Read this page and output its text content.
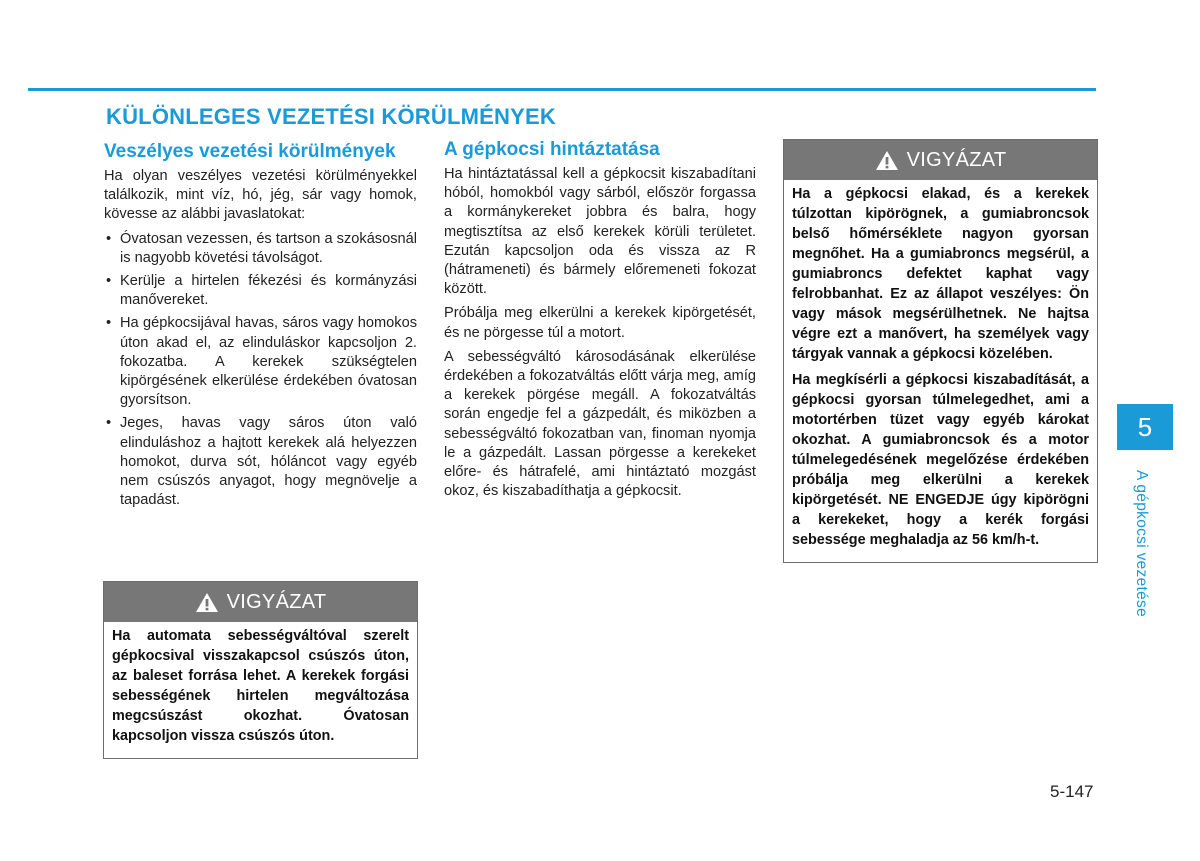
KÜLÖNLEGES VEZETÉSI KÖRÜLMÉNYEK
Veszélyes vezetési körülmények

Ha olyan veszélyes vezetési körülményekkel találkozik, mint víz, hó, jég, sár vagy homok, kövesse az alábbi javaslatokat:

• Óvatosan vezessen, és tartson a szokásosnál is nagyobb követési távolságot.
• Kerülje a hirtelen fékezési és kormányzási manővereket.
• Ha gépkocsijával havas, sáros vagy homokos úton akad el, az elinduláskor kapcsoljon 2. fokozatba. A kerekek szükségtelen kipörgésének elkerülése érdekében óvatosan gyorsítson.
• Jeges, havas vagy sáros úton való elinduláshoz a hajtott kerekek alá helyezzen homokot, durva sót, hóláncot vagy egyéb nem csúszós anyagot, hogy megnövelje a tapadást.
A gépkocsi hintáztatása

Ha hintáztatással kell a gépkocsit kiszabadítani hóból, homokból vagy sárból, először forgassa a kormánykereket jobbra és balra, hogy megtisztítsa az első kerekek körüli területet. Ezután kapcsoljon oda és vissza az R (hátrameneti) és bármely előremeneti fokozat között.

Próbálja meg elkerülni a kerekek kipörgetését, és ne pörgesse túl a motort.

A sebességváltó károsodásának elkerülése érdekében a fokozatváltás előtt várja meg, amíg a kerekek pörgése megáll. A fokozatváltás során engedje fel a gázpedált, és miközben a sebességváltó fokozatban van, finoman nyomja le a gázpedált. Lassan pörgesse a kerekeket előre- és hátrafelé, ami hintáztató mozgást okoz, és kiszabadíthatja a gépkocsit.

VIGYÁZAT

Ha automata sebességváltóval szerelt gépkocsival visszakapcsol csúszós úton, az baleset forrása lehet. A kerekek forgási sebességének hirtelen megváltozása megcsúszást okozhat. Óvatosan kapcsoljon vissza csúszós úton.

VIGYÁZAT

Ha a gépkocsi elakad, és a kerekek túlzottan kipörögnek, a gumiabroncsok belső hőmérséklete nagyon gyorsan megnőhet. Ha a gumiabroncs megsérül, a gumiabroncs defektet kaphat vagy felrobbanhat. Ez az állapot veszélyes: Ön vagy mások megsérülhetnek. Ne hajtsa végre ezt a manővert, ha személyek vagy tárgyak vannak a gépkocsi közelében.

Ha megkísérli a gépkocsi kiszabadítását, a gépkocsi gyorsan túlmelegedhet, ami a motortérben tüzet vagy egyéb károkat okozhat. A gumiabroncsok és a motor túlmelegedésének megelőzése érdekében próbálja meg elkerülni a kerekek kipörgetését. NE ENGEDJE úgy kipörögni a kerekeket, hogy a kerék forgási sebessége meghaladja az 56 km/h-t.

5
A gépkocsi vezetése
5-147
